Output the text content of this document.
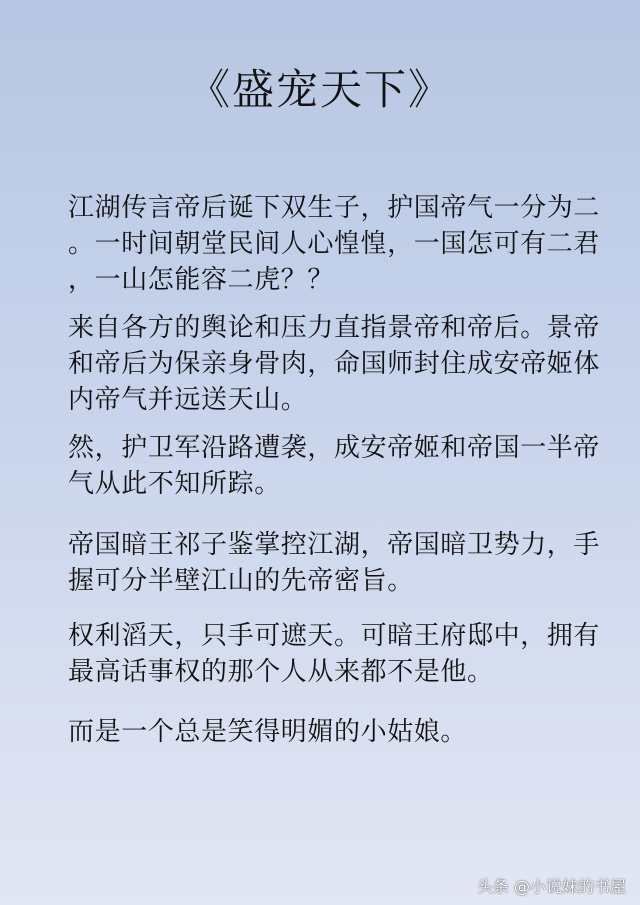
《盛宠天下》
江湖传言帝后诞下双生子，护国帝气一分为二
。一时间朝堂民间人心惶惶，一国怎可有二君
，一山怎能容二虎？？
来自各方的舆论和压力直指景帝和帝后。景帝
和帝后为保亲身骨肉，命国师封住成安帝姬体
内帝气并远送天山。
然，护卫军沿路遭袭，成安帝姬和帝国一半帝
气从此不知所踪。
帝国暗王祁子鉴掌控江湖，帝国暗卫势力，手
握可分半壁江山的先帝密旨。
权利滔天，只手可遮天。可暗王府邸中，拥有
最高话事权的那个人从来都不是他。
而是一个总是笑得明媚的小姑娘。
头条 @小说妹的书屋
